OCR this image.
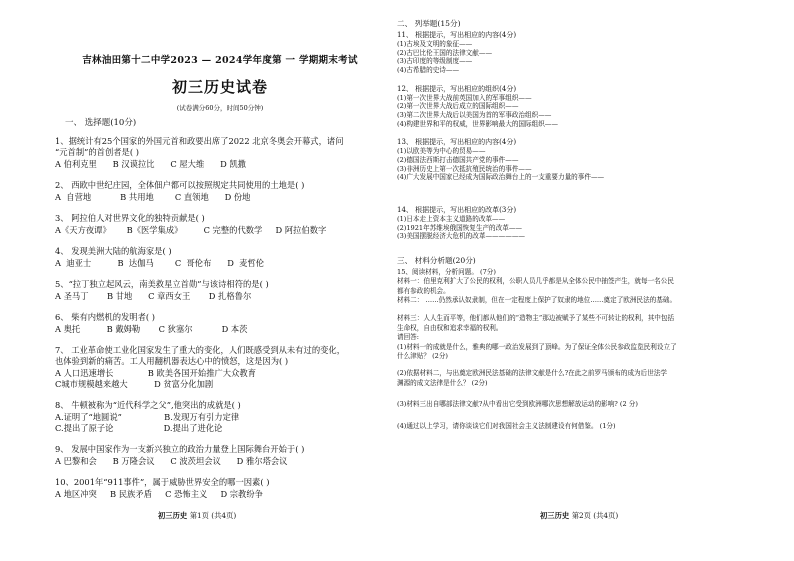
吉林油田第十二中学2023 — 2024学年度第 一 学期期末考试
初三历史试卷
(试卷满分60分，时间50分钟)
一、 选择题(10分)

1、据统计有25个国家的外国元首和政要出席了2022 北京冬奥会开幕式，诸问

“元首制”的首创者是( )

A 伯利克里      B 汉谟拉比      C 屋大维      D 凯撒

2、 西欧中世纪庄园，全体佃户都可以按照规定共同使用的土地是( )

A  自营地           B 共用地        C 直领地      D 份地

3、 阿拉伯人对世界文化的独特贡献是( )

A《天方夜谭》      B《医学集成》        C 完整的代数学     D 阿拉伯数字

4、 发现美洲大陆的航海家是( )

A  迪亚士          B  达伽马        C  哥伦布      D  麦哲伦

5、“拉丁独立起风云，南美救星立首勋”与该诗相符的是( )

A 圣马丁       B 甘地      C 章西女王       D 扎格鲁尔

6、 柴有内燃机的发明者( )

A 奥托          B 戴姆勒       C 狄塞尔           D 本茨

7、 工业革命使工业化国家发生了重大的变化，人们既感受到从未有过的变化，

也体验到新的痛苦。工人用翻机器表达心中的愤怒，这是因为( )

A 人口迅速增长             B 欧美各国开始推广大众教育
C城市规模越来越大          D 贫富分化加剧

8、 牛顿被称为“近代科学之父”,他突出的成就是( )

A.证明了“地圆说”                B.发现万有引力定律
C.提出了原子论                   D.提出了进化论

9、 发展中国家作为一支新兴独立的政治力量登上国际舞台开始于( )

A 巴黎和会      B 万隆会议      C 波茨坦会议      D 雅尔塔会议

10、2001年“911事件”，属于威胁世界安全的哪一因素( )

A 地区冲突     B 民族矛盾     C 恐怖主义     D 宗教纷争
二、 列举题(15分)

11、 根据提示，写出相应的内容(4分)

(1)古埃及文明的象征——

(2)古巴比伦王国的法律文献——

(3)古印度的等级制度——

(4)古希腊的史诗——

12、 根据提示，写出相应的组织(4分)

(1)第一次世界大战前英国加入的军事组织——

(2)第一次世界大战后成立的国际组织——

(3)第二次世界大战后以美国为首的军事政治组织——

(4)构建世界和平的权威，世界影响最大的国际组织——

13、 根据提示，写出相应的内容(4分)

(1)以欧美等为中心的贸易——

(2)德国法西斯打击德国共产党的事件——

(3)非洲历史上第一次抵抗殖民统治的事件——

(4)广大发展中国家已经成为国际政治舞台上的一支重要力量的事件——

14、 根据提示，写出相应的改革(3分)

(1)日本走上资本主义道路的改革——

(2)1921年苏维埃俄国恢复生产的改革——

(3)美国摆脱经济大危机的改革——————

三、 材料分析题(20分)

15、阅读材料，分析问题。 (7分)

材料一：伯里克利扩大了公民的权利，公职人员几乎都是从全体公民中抽签产生，就每一名公民

都有参政的机会。

材料二： ……仍然承认奴隶制，但在一定程度上保护了奴隶的地位……奠定了欧洲民法的基础。

材料三：人人生而平等，他们都从他们的“造物主”那边被赋予了某些不可转让的权利，其中包括

生命权，自由权和追求幸福的权利。

请回答:

(1)材料一的成就是什么，雅典的哪一政治发展到了顶峰。为了保证全体公民参政监览民利设立了

什么津贴？ (2分)

(2)依据材料二，与出奠定欧洲民法基础的法律文献是什么?在此之前罗马颁布的成为后世法学

渊源的成文法律是什么？ (2分)

(3)材料三出自哪部法律文献?从中看出它受到欧洲哪次思想解放运动的影响? (2 分)

(4)通过以上学习，请你谈谈它们对我国社会主义法制建设有何借鉴。 (1分)

初三历史 第1页 (共4页)	初三历史 第2页 (共4页)
